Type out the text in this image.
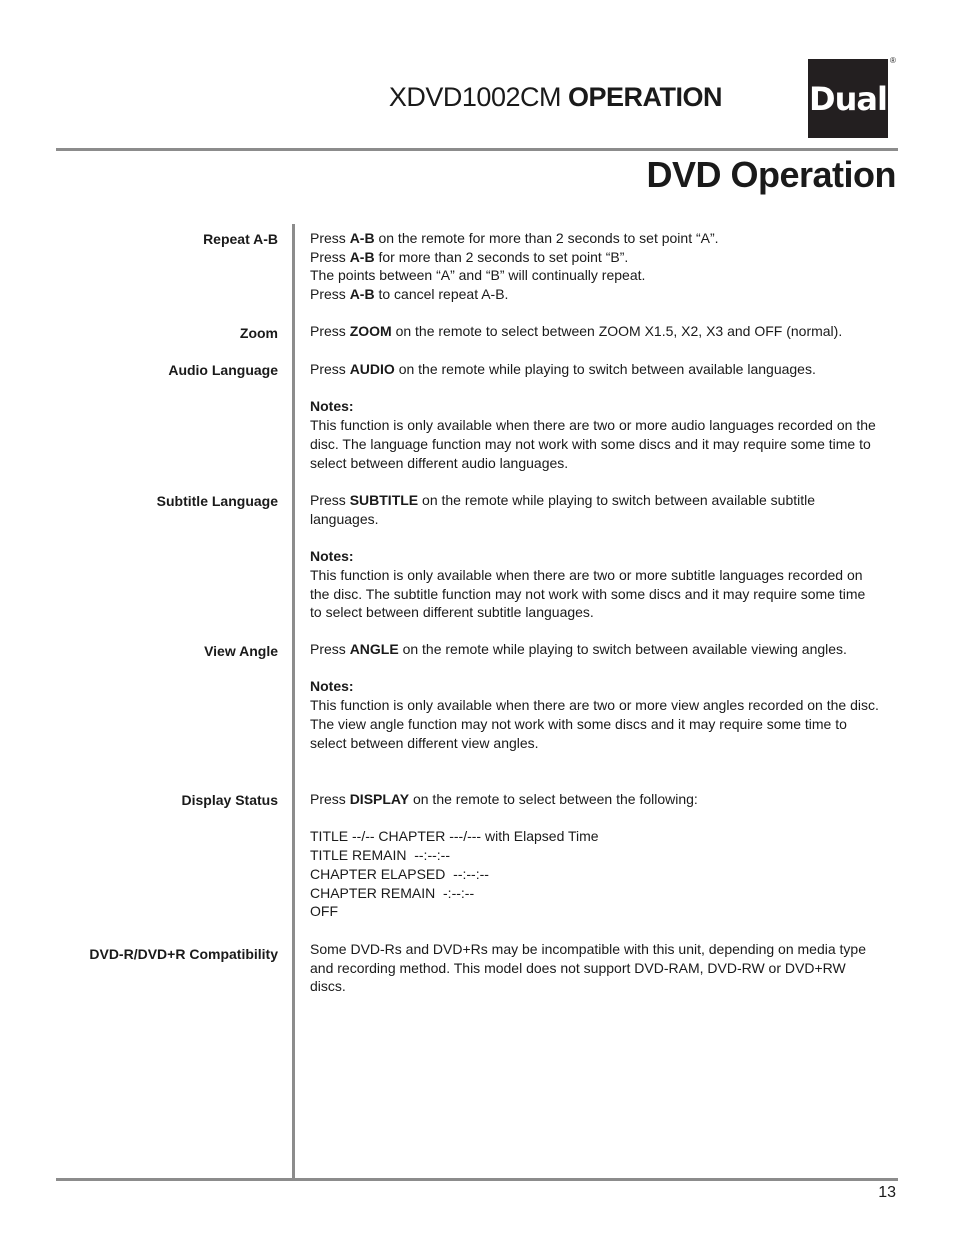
XDVD1002CM OPERATION	Dual
®
DVD Operation
Repeat A-B
Zoom
Audio Language
Subtitle Language
View Angle
Display Status
DVD-R/DVD+R Compatibility

Press A-B on the remote for more than 2 seconds to set point “A”.

Press A-B for more than 2 seconds to set point “B”.

The points between “A” and “B” will continually repeat.

Press A-B to cancel repeat A-B.

Press ZOOM on the remote to select between ZOOM X1.5, X2, X3 and OFF (normal).

Press AUDIO on the remote while playing to switch between available languages.

Notes:

This function is only available when there are two or more audio languages recorded on the disc. The language function may not work with some discs and it may require some time to select between different audio languages.

Press SUBTITLE on the remote while playing to switch between available subtitle languages.

Notes:

This function is only available when there are two or more subtitle languages recorded on the disc. The subtitle function may not work with some discs and it may require some time to select between different subtitle languages.

Press ANGLE on the remote while playing to switch between available viewing angles.

Notes:

This function is only available when there are two or more view angles recorded on the disc. The view angle function may not work with some discs and it may require some time to select between different view angles.

Press DISPLAY on the remote to select between the following:

TITLE --/-- CHAPTER ---/--- with Elapsed Time

TITLE REMAIN  --:--:--

CHAPTER ELAPSED  --:--:--

CHAPTER REMAIN  -:--:--

OFF

Some DVD-Rs and DVD+Rs may be incompatible with this unit, depending on media type and recording method. This model does not support DVD-RAM, DVD-RW or DVD+RW discs.

13
